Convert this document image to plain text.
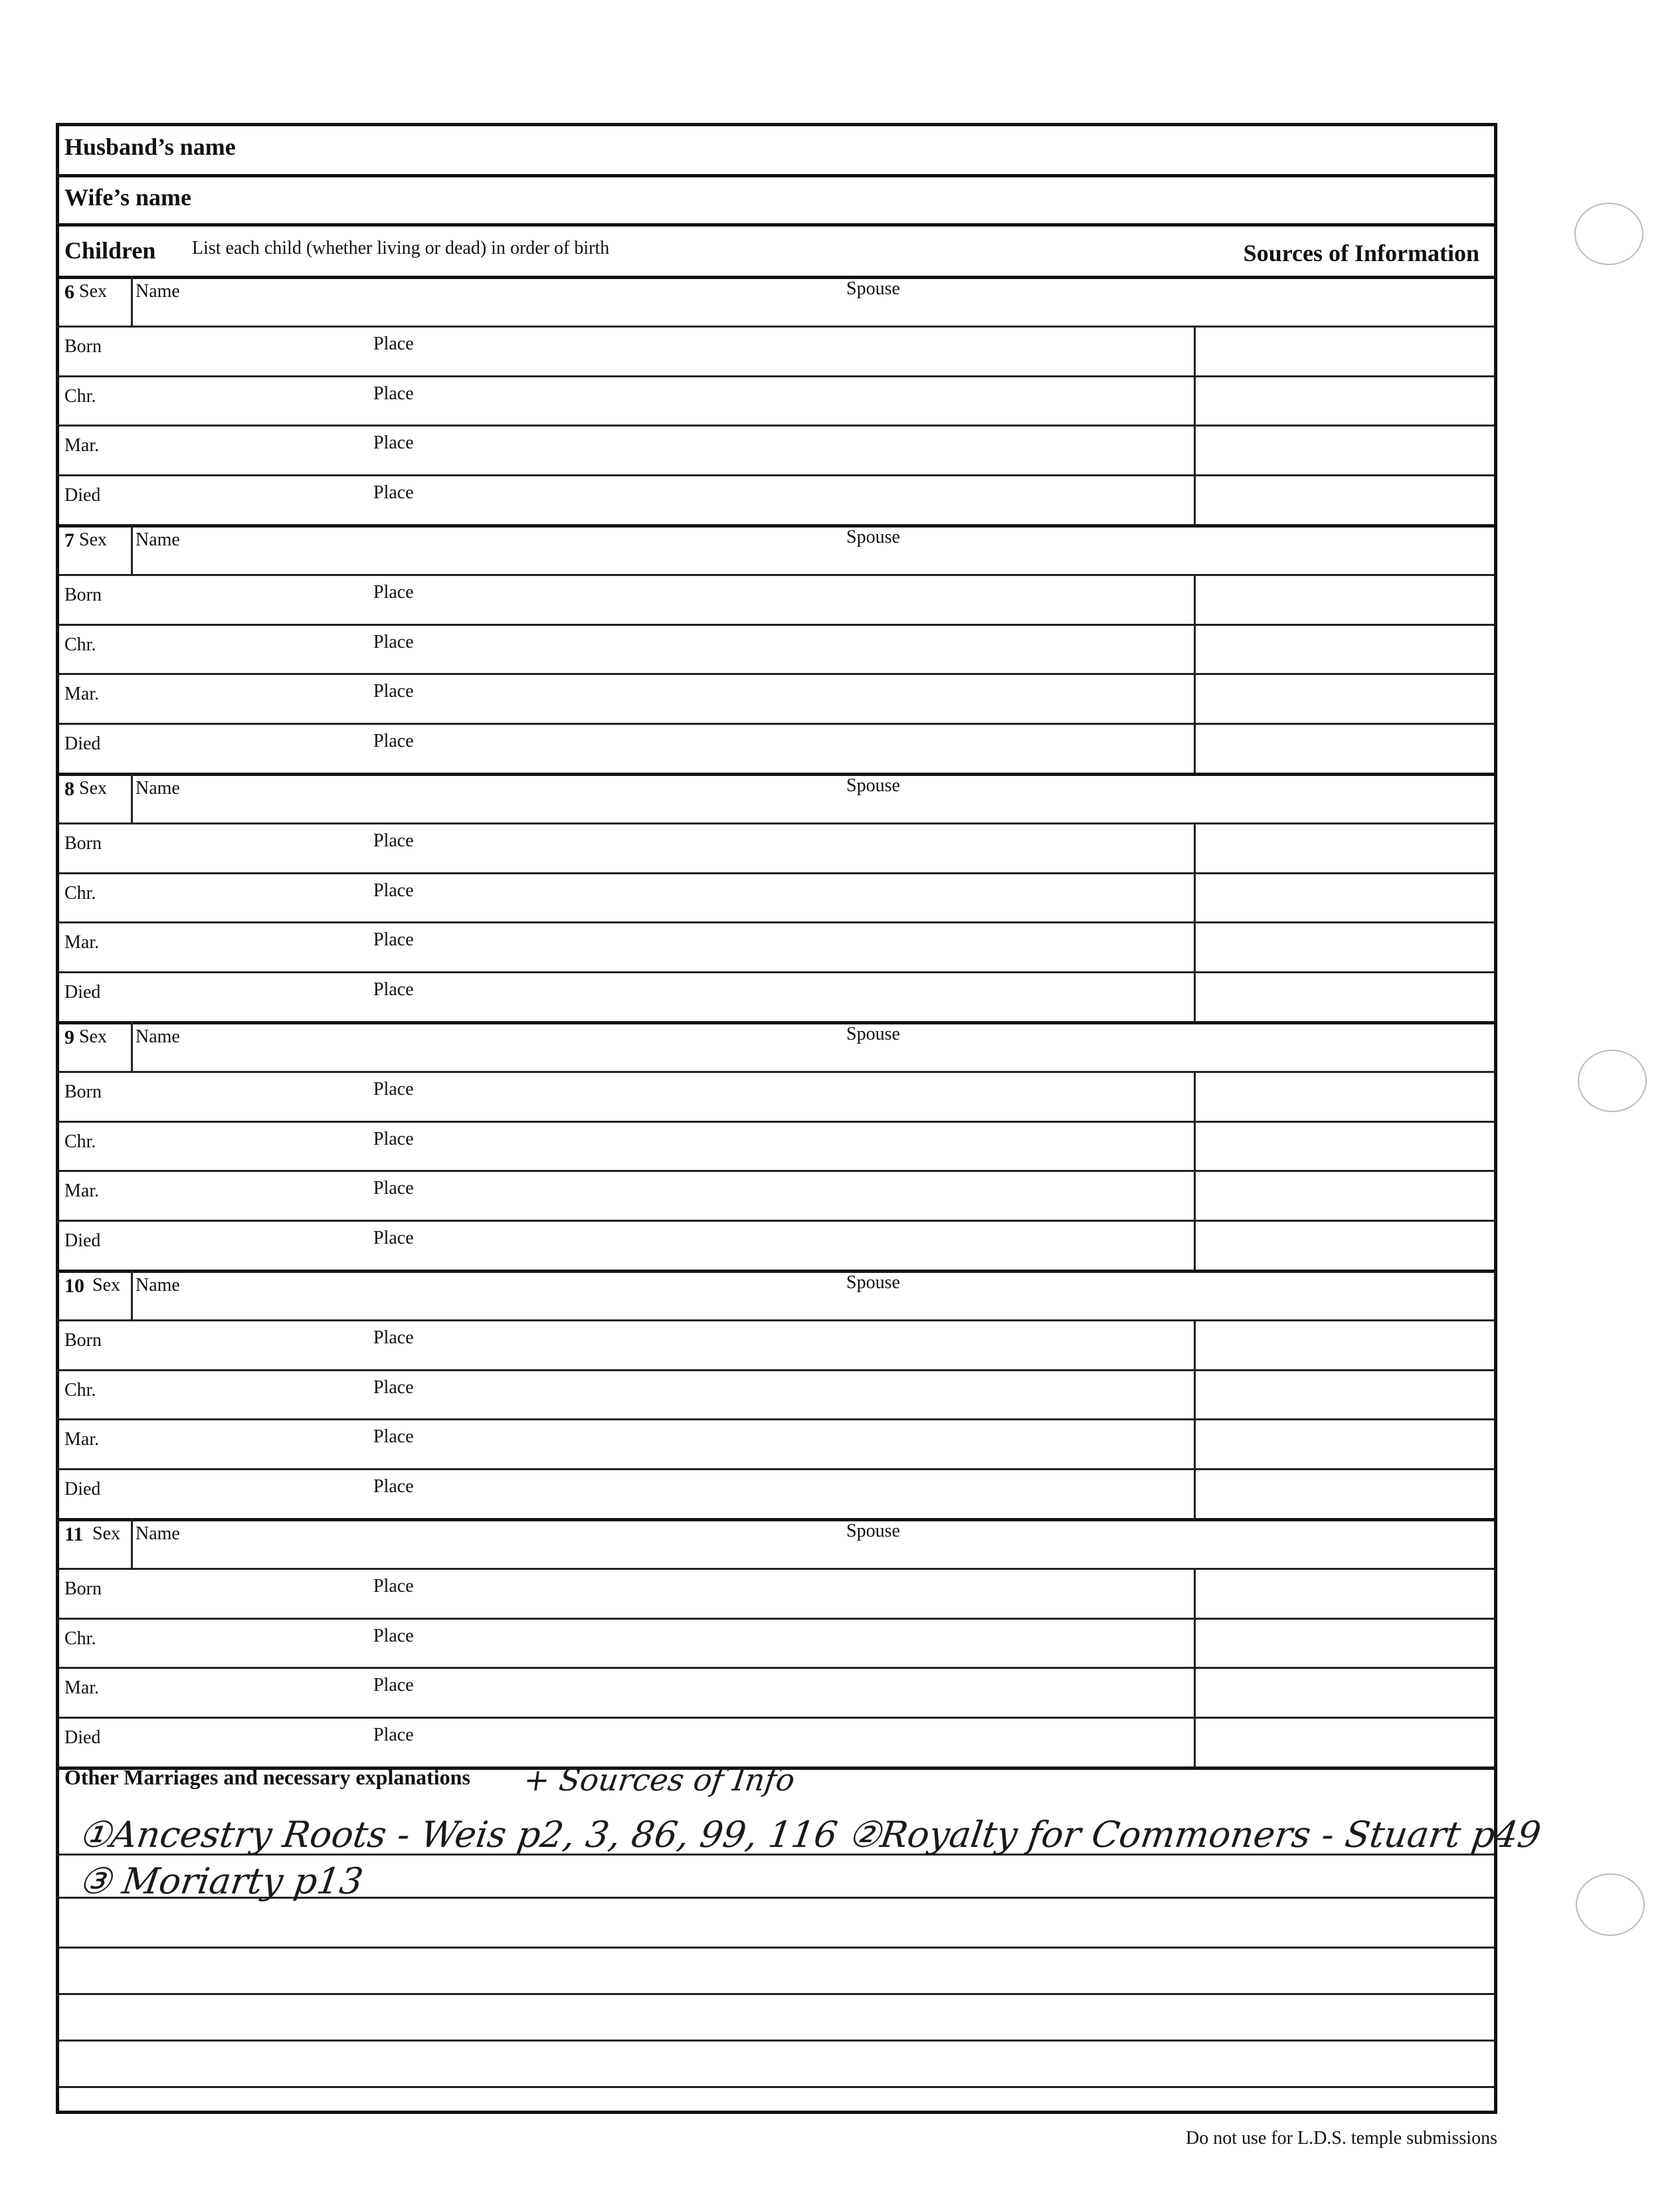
Husband’s name
Wife’s name
Children List each child (whether living or dead) in order of birth	Sources of Information
6 Sex Name	Spouse
Born	Place
Chr.	Place
Mar.	Place
Died	Place
7 Sex Name	Spouse
Born	Place
Chr.	Place
Mar.	Place
Died	Place
8 Sex Name	Spouse
Born	Place
Chr.	Place
Mar.	Place
Died	Place
9 Sex Name	Spouse
Born	Place
Chr.	Place
Mar.	Place
Died	Place
10 Sex Name	Spouse
Born	Place
Chr.	Place
Mar.	Place
Died	Place
11 Sex Name	Spouse
Born	Place
Chr.	Place
Mar.	Place
Died	Place
Other Marriages and necessary explanations + Sources of Info
①Ancestry Roots - Weis p2, 3, 86, 99, 116 ②Royalty for Commoners - Stuart p49
③ Moriarty p13
Do not use for L.D.S. temple submissions
